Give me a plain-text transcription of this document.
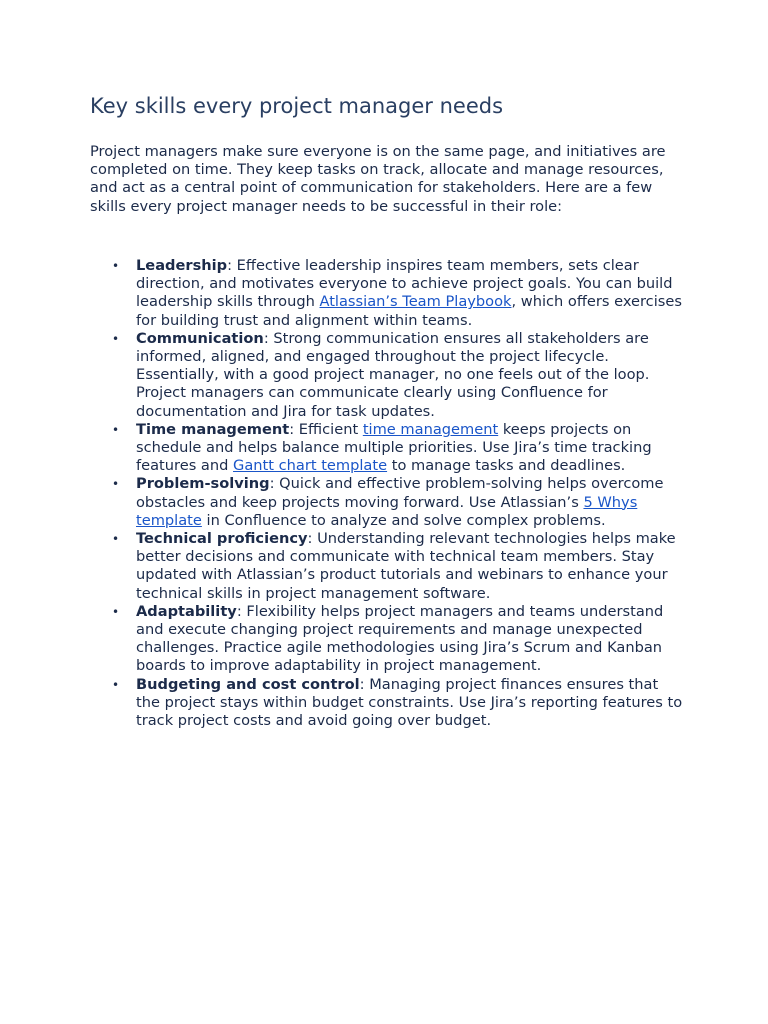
Key skills every project manager needs

Project managers make sure everyone is on the same page, and initiatives are completed on time. They keep tasks on track, allocate and manage resources, and act as a central point of communication for stakeholders. Here are a few skills every project manager needs to be successful in their role:

• Leadership: Effective leadership inspires team members, sets clear direction, and motivates everyone to achieve project goals. You can build leadership skills through Atlassian’s Team Playbook, which offers exercises for building trust and alignment within teams.
• Communication: Strong communication ensures all stakeholders are informed, aligned, and engaged throughout the project lifecycle. Essentially, with a good project manager, no one feels out of the loop. Project managers can communicate clearly using Confluence for documentation and Jira for task updates.
• Time management: Efficient time management keeps projects on schedule and helps balance multiple priorities. Use Jira’s time tracking features and Gantt chart template to manage tasks and deadlines.
• Problem-solving: Quick and effective problem-solving helps overcome obstacles and keep projects moving forward. Use Atlassian’s 5 Whys template in Confluence to analyze and solve complex problems.
• Technical proficiency: Understanding relevant technologies helps make better decisions and communicate with technical team members. Stay updated with Atlassian’s product tutorials and webinars to enhance your technical skills in project management software.
• Adaptability: Flexibility helps project managers and teams understand and execute changing project requirements and manage unexpected challenges. Practice agile methodologies using Jira’s Scrum and Kanban boards to improve adaptability in project management.
• Budgeting and cost control: Managing project finances ensures that the project stays within budget constraints. Use Jira’s reporting features to track project costs and avoid going over budget.
